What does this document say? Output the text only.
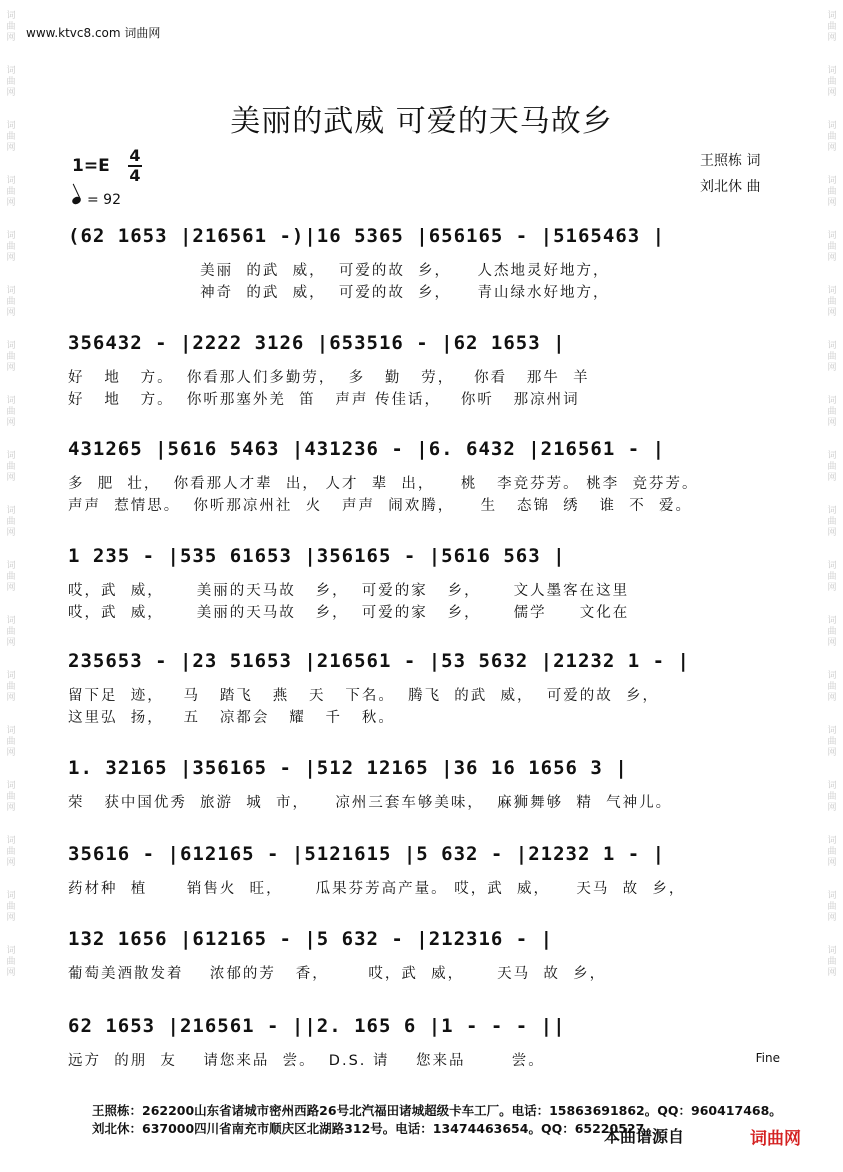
词
曲
网
词
曲
网
词
曲
网
词
曲
网
词
曲
网
词
曲
网
词
曲
网
词
曲
网
词
曲
网
词
曲
网
词
曲
网
词
曲
网
词
曲
网
词
曲
网
词
曲
网
词
曲
网
词
曲
网
词
曲
网
词
曲
网
词
曲
网
词
曲
网
词
曲
网
词
曲
网
词
曲
网
词
曲
网
词
曲
网
词
曲
网
词
曲
网
词
曲
网
词
曲
网
词
曲
网
词
曲
网
词
曲
网
词
曲
网
词
曲
网
词
曲
网
www.ktvc8.com 词曲网
美丽的武威 可爱的天马故乡
1=E
4
4
= 92
王照栋 词
刘北休 曲
(62 1653 |216561 -)|16 5365 |656165 - |5165463 |
美丽  的武  威，  可爱的故  乡，    人杰地灵好地方，
神奇  的武  威，  可爱的故  乡，    青山绿水好地方，
356432 - |2222 3126 |653516 - |62 1653 |
好   地   方。  你看那人们多勤劳，  多   勤   劳，   你看   那牛  羊
好   地   方。  你听那塞外羌  笛   声声 传佳话，   你听   那凉州词
431265 |5616 5463 |431236 - |6. 6432 |216561 - |
多  肥  壮，  你看那人才辈  出， 人才  辈  出，    桃   李竞芬芳。 桃李  竞芬芳。
声声  惹情思。  你听那凉州社  火   声声  闹欢腾，    生   态锦  绣   谁  不  爱。
1 235 - |535 61653 |356165 - |5616 563 |
哎，武  威，     美丽的天马故   乡，  可爱的家   乡，     文人墨客在这里
哎，武  威，     美丽的天马故   乡，  可爱的家   乡，     儒学     文化在
235653 - |23 51653 |216561 - |53 5632 |21232 1 - |
留下足  迹，   马   踏飞   燕   天   下名。  腾飞  的武  威，  可爱的故  乡，
这里弘  扬，   五   凉都会   耀   千   秋。
1. 32165 |356165 - |512 12165 |36 16 1656 3 |
荣   获中国优秀  旅游  城  市，    凉州三套车够美味，  麻狮舞够  精  气神儿。
35616 - |612165 - |5121615 |5 632 - |21232 1 - |
药材种  植      销售火  旺，     瓜果芬芳高产量。 哎，武  威，    天马  故  乡，
132 1656 |612165 - |5 632 - |212316 - |
葡萄美酒散发着    浓郁的芳   香，      哎，武  威，     天马  故  乡，
62 1653 |216561 - ||2. 165 6 |1 - - - ||
远方  的朋  友    请您来品  尝。  D.S. 请    您来品       尝。	Fine
王照栋：262200山东省诸城市密州西路26号北汽福田诸城超级卡车工厂。电话：15863691862。QQ：960417468。
刘北休：637000四川省南充市顺庆区北湖路312号。电话：13474463654。QQ：65220527
本曲谱源自	词曲网
